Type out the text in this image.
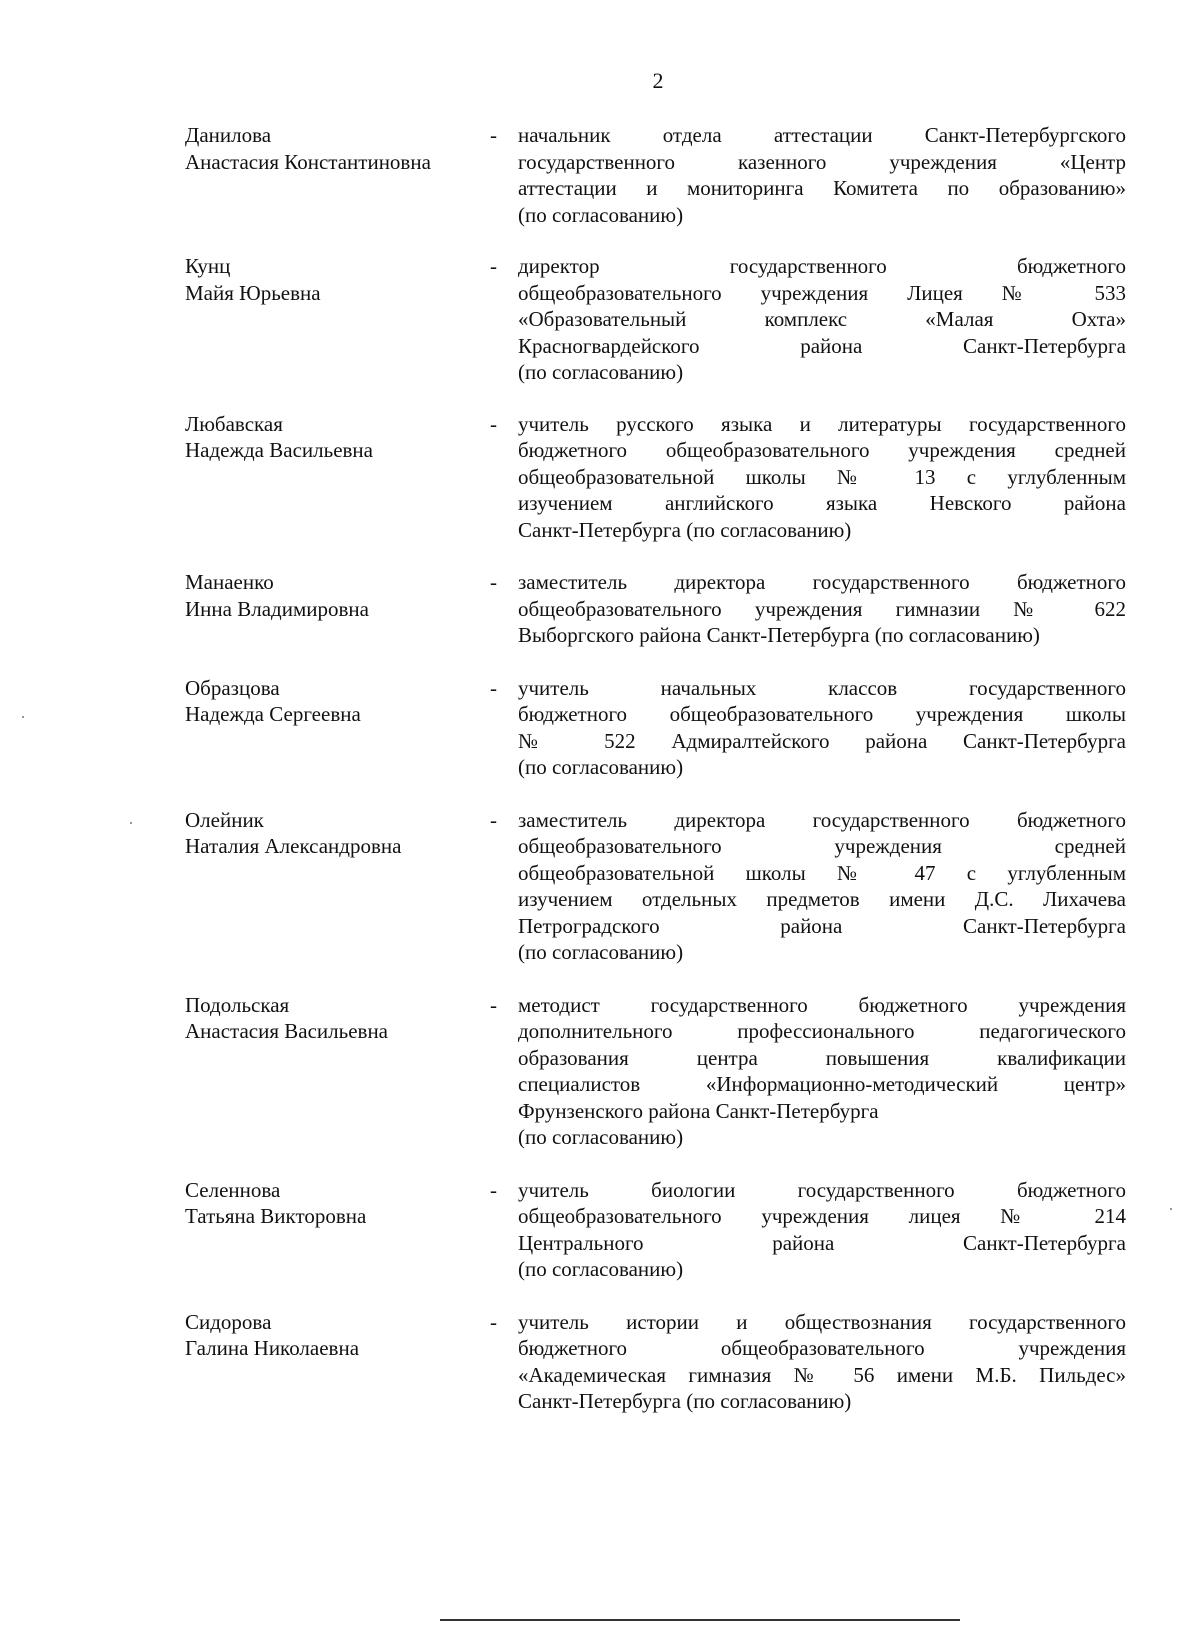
2
Данилова
Анастасия Константиновна
-	начальник отдела аттестации Санкт-Петербургского
государственного казенного учреждения «Центр
аттестации и мониторинга Комитета по образованию»
(по согласованию)
Кунц
Майя Юрьевна
-	директор государственного бюджетного
общеобразовательного учреждения Лицея № 533
«Образовательный комплекс «Малая Охта»
Красногвардейского района Санкт-Петербурга
(по согласованию)
Любавская
Надежда Васильевна
-	учитель русского языка и литературы государственного
бюджетного общеобразовательного учреждения средней
общеобразовательной школы № 13 с углубленным
изучением английского языка Невского района
Санкт-Петербурга (по согласованию)
Манаенко
Инна Владимировна
-	заместитель директора государственного бюджетного
общеобразовательного учреждения гимназии № 622
Выборгского района Санкт-Петербурга (по согласованию)
Образцова
Надежда Сергеевна
-	учитель начальных классов государственного
бюджетного общеобразовательного учреждения школы
№ 522 Адмиралтейского района Санкт-Петербурга
(по согласованию)
Олейник
Наталия Александровна
-	заместитель директора государственного бюджетного
общеобразовательного учреждения средней
общеобразовательной школы № 47 с углубленным
изучением отдельных предметов имени Д.С. Лихачева
Петроградского района Санкт-Петербурга
(по согласованию)
Подольская
Анастасия Васильевна
-	методист государственного бюджетного учреждения
дополнительного профессионального педагогического
образования центра повышения квалификации
специалистов «Информационно-методический центр»
Фрунзенского района Санкт-Петербурга
(по согласованию)
Селеннова
Татьяна Викторовна
-	учитель биологии государственного бюджетного
общеобразовательного учреждения лицея № 214
Центрального района Санкт-Петербурга
(по согласованию)
Сидорова
Галина Николаевна
-	учитель истории и обществознания государственного
бюджетного общеобразовательного учреждения
«Академическая гимназия № 56 имени М.Б. Пильдес»
Санкт-Петербурга (по согласованию)
